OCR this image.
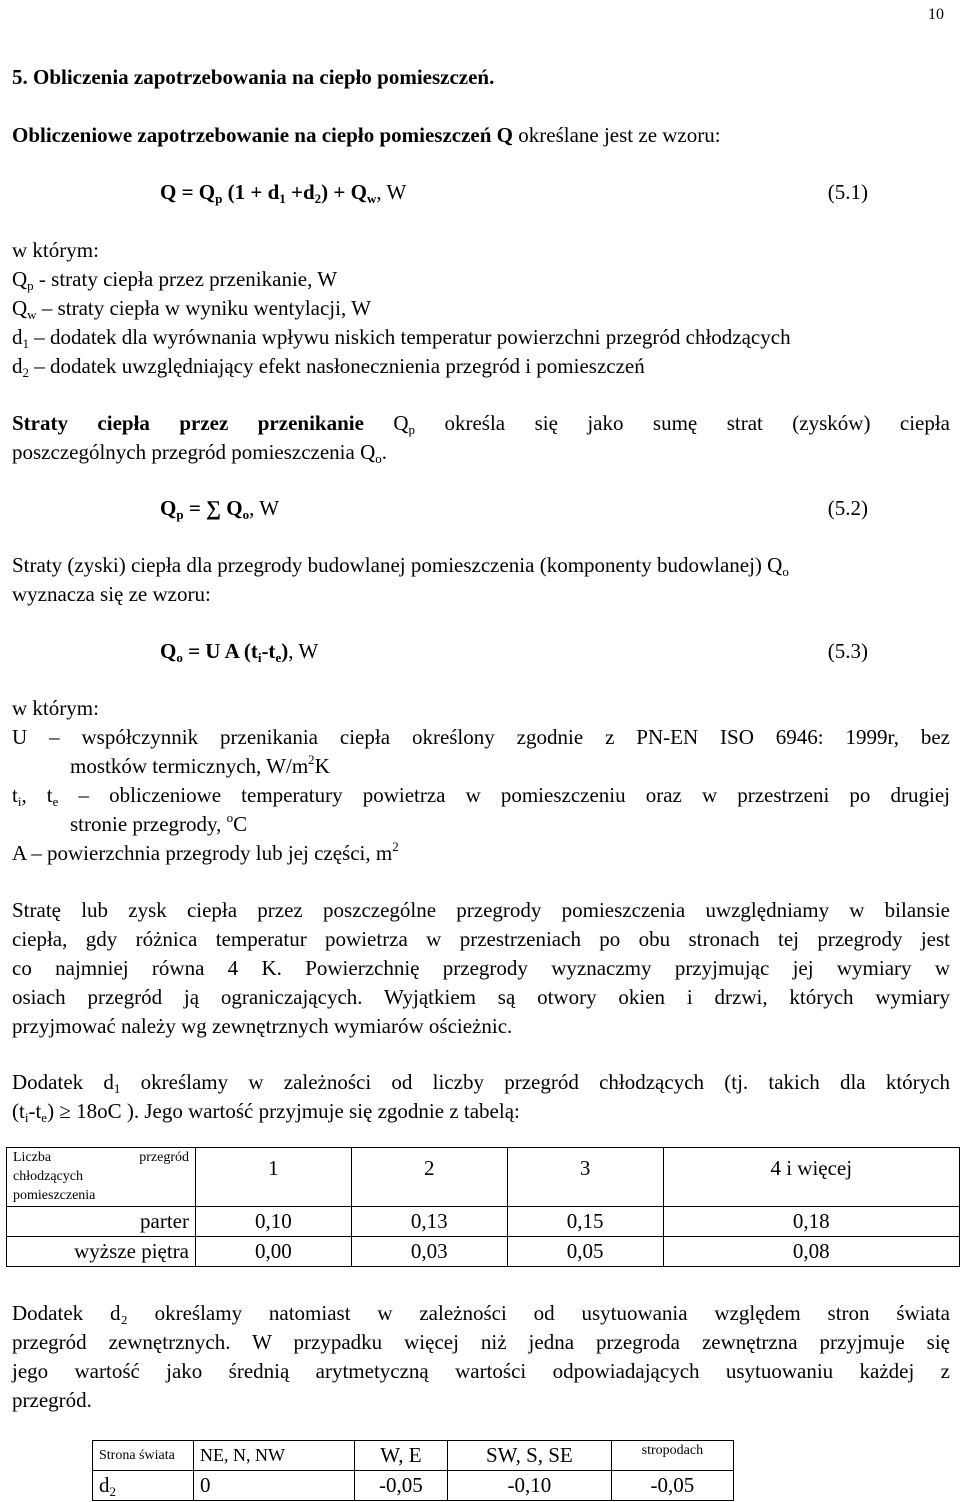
10
5. Obliczenia zapotrzebowania na ciepło pomieszczeń.
Obliczeniowe zapotrzebowanie na ciepło pomieszczeń Q określane jest ze wzoru:
$Q = Q_p$ $(1 + d_1 +d_2) + Q_w$, W	(5.1)
w którym:
$Q_p$ - straty ciepła przez przenikanie, W
$Q_w$ – straty ciepła w wyniku wentylacji, W
$d_1$ – dodatek dla wyrównania wpływu niskich temperatur powierzchni przegród chłodzących
$d_2$ – dodatek uwzględniający efekt nasłonecznienia przegród i pomieszczeń
Straty ciepła przez przenikanie $Q_p$ określa się jako sumę strat (zysków) ciepła
poszczególnych przegród pomieszczenia $Q_o$.
$Q_p$ = ∑ $Q_o$, W	(5.2)
Straty (zyski) ciepła dla przegrody budowlanej pomieszczenia (komponenty budowlanej) $Q_o$
wyznacza się ze wzoru:
$Q_o = U$ A $(t_i-t_e)$, W	(5.3)
w którym:
U – współczynnik przenikania ciepła określony zgodnie z PN-EN ISO 6946: 1999r, bez
mostków termicznych, $W/m^2K$
$t_i$, $t_e$ – obliczeniowe temperatury powietrza w pomieszczeniu oraz w przestrzeni po drugiej
stronie przegrody, $^o$C
A – powierzchnia przegrody lub jej części, $m^2$
Stratę lub zysk ciepła przez poszczególne przegrody pomieszczenia uwzględniamy w bilansie
ciepła, gdy różnica temperatur powietrza w przestrzeniach po obu stronach tej przegrody jest
co najmniej równa 4 K. Powierzchnię przegrody wyznaczmy przyjmując jej wymiary w
osiach przegród ją ograniczających. Wyjątkiem są otwory okien i drzwi, których wymiary
przyjmować należy wg zewnętrznych wymiarów ościeżnic.
Dodatek $d_1$ określamy w zależności od liczby przegród chłodzących (tj. takich dla których
$(t_i-t_e) \ge 18oC$ ). Jego wartość przyjmuje się zgodnie z tabelą:
Liczba przegród
chłodzących
pomieszczenia	1	2	3	4 i więcej
parter	0,10	0,13	0,15	0,18
wyższe piętra	0,00	0,03	0,05	0,08
Dodatek d₂ określamy natomiast w zależności od usytuowania względem stron świata
przegród zewnętrznych. W przypadku więcej niż jedna przegroda zewnętrzna przyjmuje się
jego wartość jako średnią arytmetyczną wartości odpowiadających usytuowaniu każdej z
przegród.
Strona świata	NE, N, NW	W, E	SW, S, SE	stropodach
$d_2$	0	-0,05	-0,10	-0,05
